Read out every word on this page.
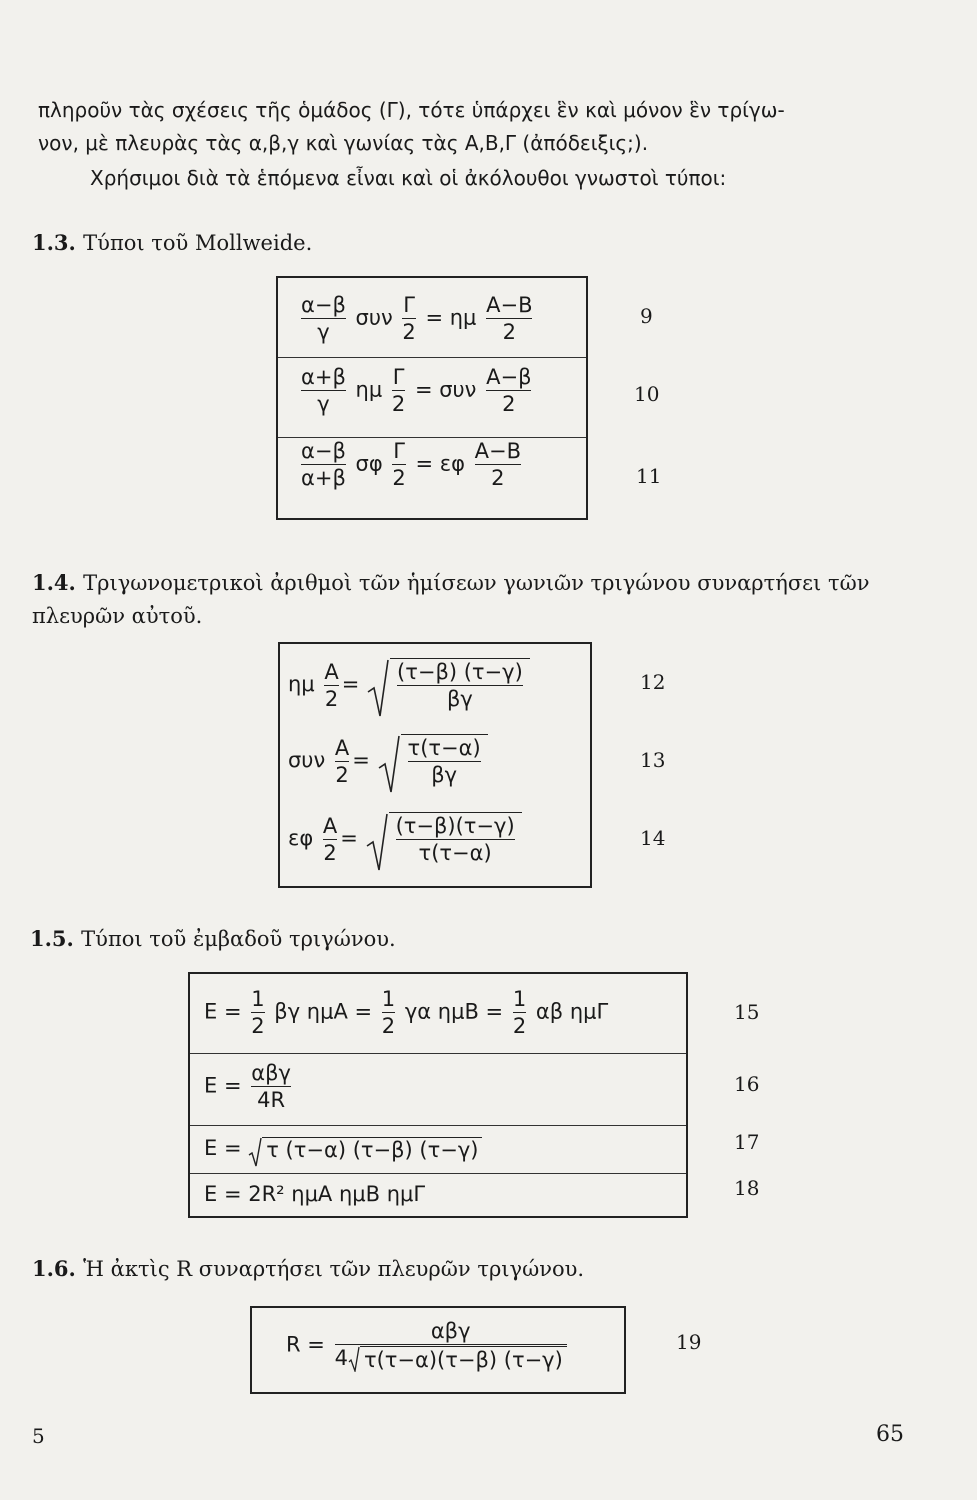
πληροῦν τὰς σχέσεις τῆς ὁμάδος (Γ), τότε ὑπάρχει ἓν καὶ μόνον ἓν τρίγω-
νον, μὲ πλευρὰς τὰς α,β,γ καὶ γωνίας τὰς Α,Β,Γ (ἀπόδειξις;).
Χρήσιμοι διὰ τὰ ἑπόμενα εἶναι καὶ οἱ ἀκόλουθοι γνωστοὶ τύποι:
1.3. Τύποι τοῦ Mollweide.
$\frac{\alpha-\beta}{\gamma}$ συν $\frac{\Gamma}{2} = \eta\mu \frac{A-B}{2}$
$\frac{\alpha+\beta}{\gamma}$ ημ $\frac{\Gamma}{2} = \sigma\upsilon\nu \frac{A-\beta}{2}$
$\frac{\alpha-\beta}{\alpha+\beta}$ σφ $\frac{\Gamma}{2} = \varepsilon\varphi \frac{A-B}{2}$
9
10
11
1.4. Τριγωνομετρικοὶ ἀριθμοὶ τῶν ἡμίσεων γωνιῶν τριγώνου συναρτήσει τῶν
πλευρῶν αὐτοῦ.
ημ $\frac{A}{2} = \frac{(\tau-\beta) (\tau-\gamma)}{\beta\gamma}$
συν $\frac{A}{2} = \frac{\tau(\tau-\alpha)}{\beta\gamma}$
εφ $\frac{A}{2} = \frac{(\tau-\beta)(\tau-\gamma)}{\tau(\tau-\alpha)}$
12
13
14
1.5. Τύποι τοῦ ἐμβαδοῦ τριγώνου.
$E = \frac{1}{2}$ βγ $\eta\mu A = \frac{1}{2}$ γα $\eta\mu B = \frac{1}{2}$ αβ ημΓ
$E = \frac{\text{αβγ}}{4R}$
Ε = τ (τ−α) (τ−β) (τ−γ)
Ε = 2R² ημΑ ημΒ ημΓ
15
16
17
18
1.6. Ἡ ἀκτὶς R συναρτήσει τῶν πλευρῶν τριγώνου.
$R = \frac{\text{αβγ}}{4 \tau(\tau-\alpha)(\tau-\beta) (\tau-\gamma)}$	19
5	65
